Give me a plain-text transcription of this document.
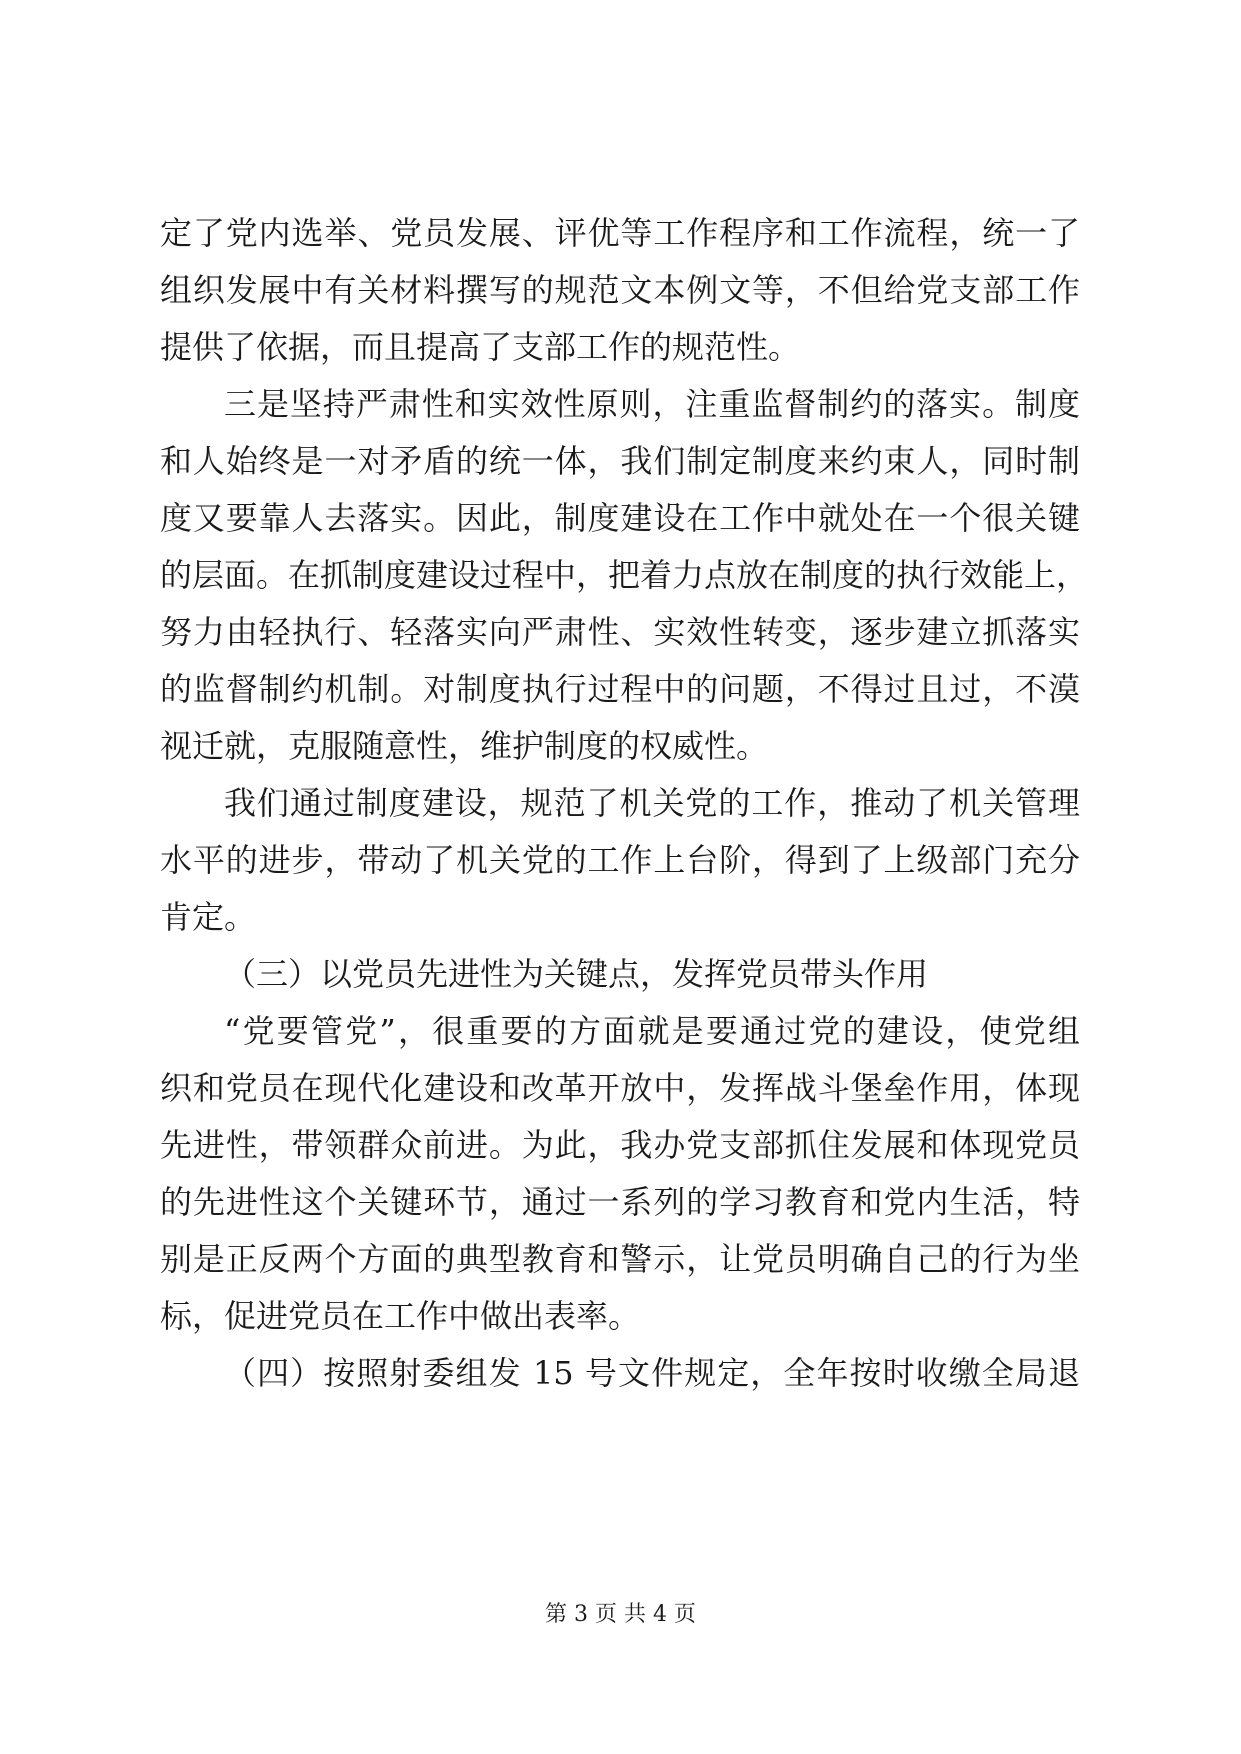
定了党内选举、党员发展、评优等工作程序和工作流程，统一了
组织发展中有关材料撰写的规范文本例文等，不但给党支部工作
提供了依据，而且提高了支部工作的规范性。
三是坚持严肃性和实效性原则，注重监督制约的落实。制度
和人始终是一对矛盾的统一体，我们制定制度来约束人，同时制
度又要靠人去落实。因此，制度建设在工作中就处在一个很关键
的层面。在抓制度建设过程中，把着力点放在制度的执行效能上，
努力由轻执行、轻落实向严肃性、实效性转变，逐步建立抓落实
的监督制约机制。对制度执行过程中的问题，不得过且过，不漠
视迁就，克服随意性，维护制度的权威性。
我们通过制度建设，规范了机关党的工作，推动了机关管理
水平的进步，带动了机关党的工作上台阶，得到了上级部门充分
肯定。
（三）以党员先进性为关键点，发挥党员带头作用
“党要管党”，很重要的方面就是要通过党的建设，使党组
织和党员在现代化建设和改革开放中，发挥战斗堡垒作用，体现
先进性，带领群众前进。为此，我办党支部抓住发展和体现党员
的先进性这个关键环节，通过一系列的学习教育和党内生活，特
别是正反两个方面的典型教育和警示，让党员明确自己的行为坐
标，促进党员在工作中做出表率。
（四）按照射委组发 15 号文件规定，全年按时收缴全局退
第 3 页 共 4 页
